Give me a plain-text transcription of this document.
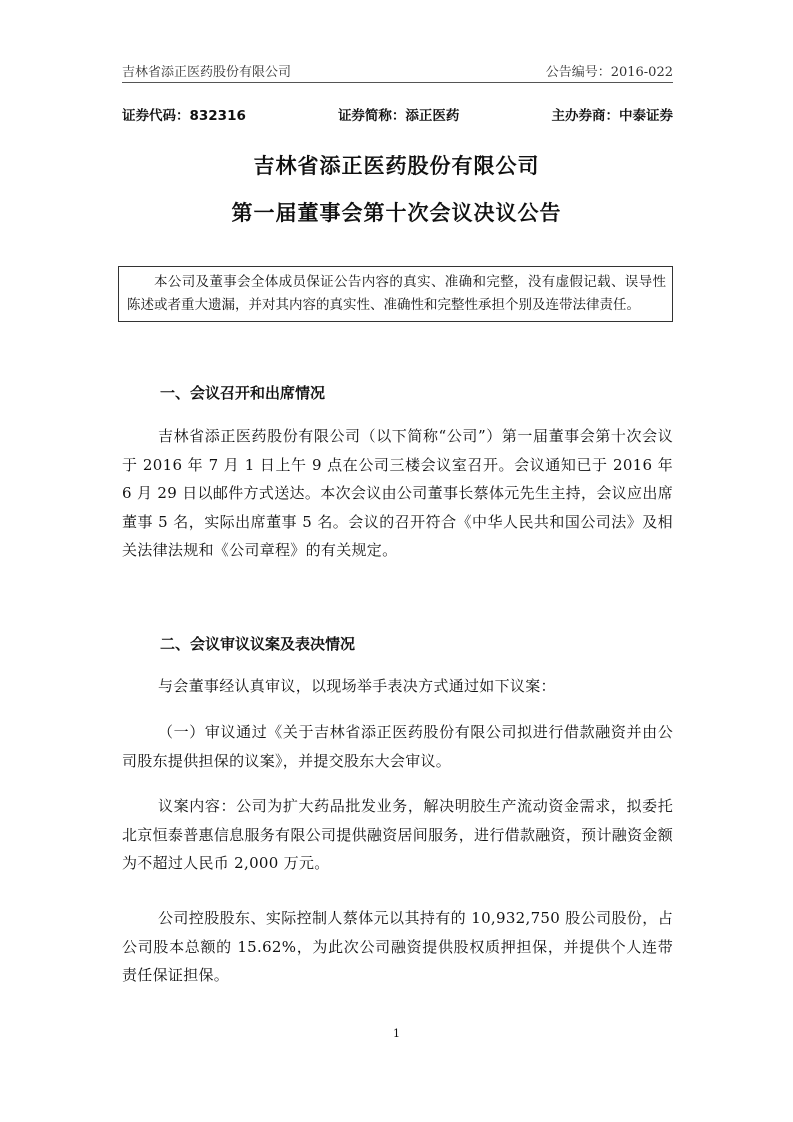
吉林省添正医药股份有限公司	公告编号：2016-022
证券代码：832316	证券简称：添正医药	主办券商：中泰证券
吉林省添正医药股份有限公司
第一届董事会第十次会议决议公告
本公司及董事会全体成员保证公告内容的真实、准确和完整，没有虚假记载、误导性陈述或者重大遗漏，并对其内容的真实性、准确性和完整性承担个别及连带法律责任。
一、会议召开和出席情况
吉林省添正医药股份有限公司（以下简称“公司”）第一届董事会第十次会议于 2016 年 7 月 1 日上午 9 点在公司三楼会议室召开。会议通知已于 2016 年 6 月 29 日以邮件方式送达。本次会议由公司董事长蔡体元先生主持，会议应出席董事 5 名，实际出席董事 5 名。会议的召开符合《中华人民共和国公司法》及相关法律法规和《公司章程》的有关规定。
二、会议审议议案及表决情况
与会董事经认真审议，以现场举手表决方式通过如下议案：
（一）审议通过《关于吉林省添正医药股份有限公司拟进行借款融资并由公司股东提供担保的议案》，并提交股东大会审议。
议案内容：公司为扩大药品批发业务，解决明胶生产流动资金需求，拟委托北京恒泰普惠信息服务有限公司提供融资居间服务，进行借款融资，预计融资金额为不超过人民币 2,000 万元。
公司控股股东、实际控制人蔡体元以其持有的 10,932,750 股公司股份，占公司股本总额的 15.62%，为此次公司融资提供股权质押担保，并提供个人连带责任保证担保。
1
